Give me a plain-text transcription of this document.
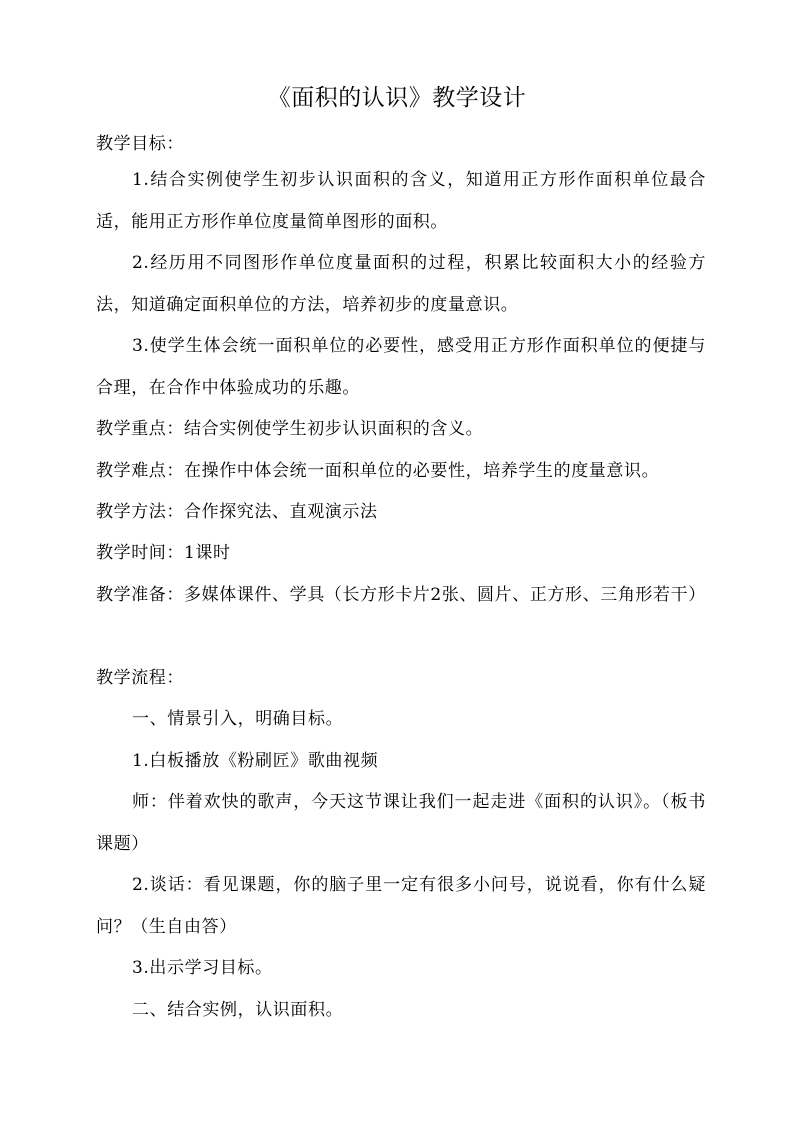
《面积的认识》教学设计
教学目标：
1.结合实例使学生初步认识面积的含义，知道用正方形作面积单位最合适，能用正方形作单位度量简单图形的面积。
2.经历用不同图形作单位度量面积的过程，积累比较面积大小的经验方法，知道确定面积单位的方法，培养初步的度量意识。
3.使学生体会统一面积单位的必要性，感受用正方形作面积单位的便捷与合理，在合作中体验成功的乐趣。
教学重点：结合实例使学生初步认识面积的含义。
教学难点：在操作中体会统一面积单位的必要性，培养学生的度量意识。
教学方法：合作探究法、直观演示法
教学时间：1课时
教学准备：多媒体课件、学具（长方形卡片2张、圆片、正方形、三角形若干）
教学流程：
一、情景引入，明确目标。
1.白板播放《粉刷匠》歌曲视频
师：伴着欢快的歌声，今天这节课让我们一起走进《面积的认识》。（板书课题）
2.谈话：看见课题，你的脑子里一定有很多小问号，说说看，你有什么疑问？（生自由答）
3.出示学习目标。
二、结合实例，认识面积。
